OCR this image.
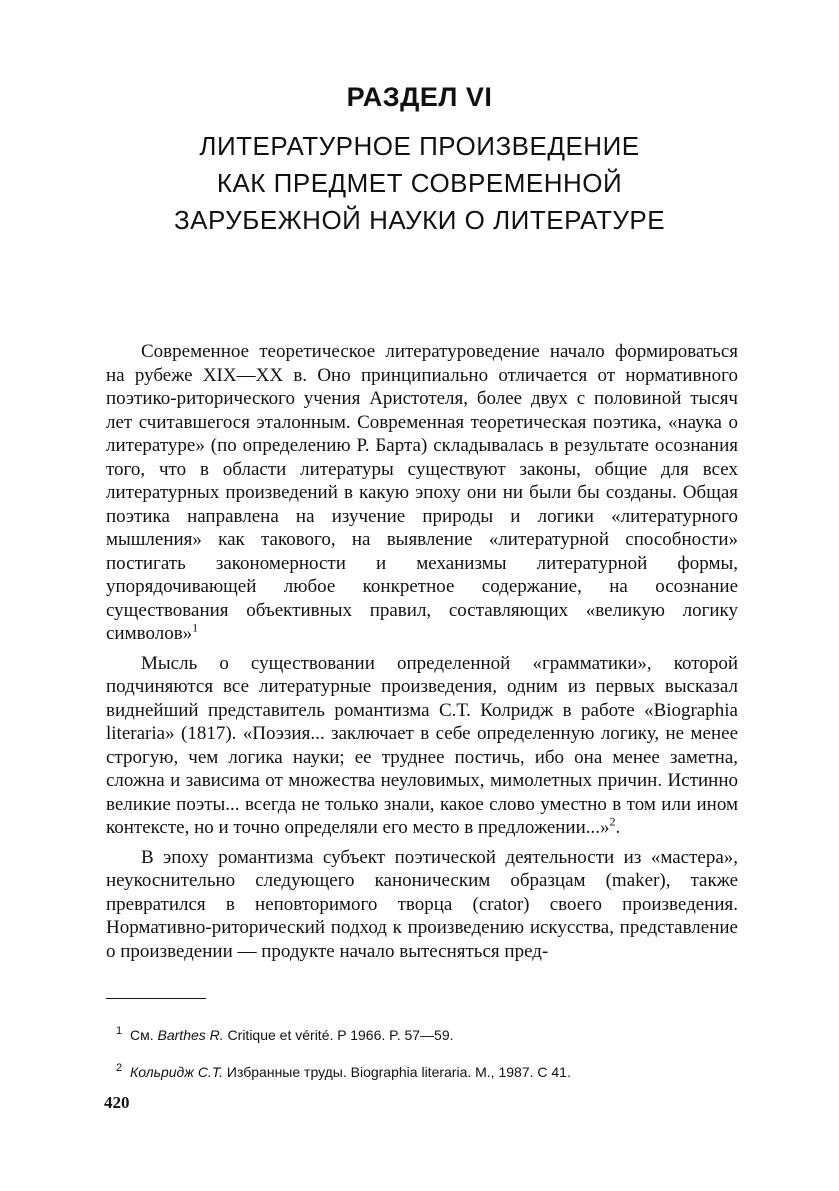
РАЗДЕЛ VI
ЛИТЕРАТУРНОЕ ПРОИЗВЕДЕНИЕ
КАК ПРЕДМЕТ СОВРЕМЕННОЙ
ЗАРУБЕЖНОЙ НАУКИ О ЛИТЕРАТУРЕ

Современное теоретическое литературоведение начало формироваться на рубеже XIX—XX в. Оно принципиально отличается от нормативного поэтико-риторического учения Аристотеля, более двух с половиной тысяч лет считавшегося эталонным. Современная теоретическая поэтика, «наука о литературе» (по определению Р. Барта) складывалась в результате осознания того, что в области литературы существуют законы, общие для всех литературных произведений в какую эпоху они ни были бы созданы. Общая поэтика направлена на изучение природы и логики «литературного мышления» как такового, на выявление «литературной способности» постигать закономерности и механизмы литературной формы, упорядочивающей любое конкретное содержание, на осознание существования объективных правил, составляющих «великую логику символов»$^1$

Мысль о существовании определенной «грамматики», которой подчиняются все литературные произведения, одним из первых высказал виднейший представитель романтизма С.Т. Колридж в работе «Biographia literaria» (1817). «Поэзия... заключает в себе определенную логику, не менее строгую, чем логика науки; ее труднее постичь, ибо она менее заметна, сложна и зависима от множества неуловимых, мимолетных причин. Истинно великие поэты... всегда не только знали, какое слово уместно в том или ином контексте, но и точно определяли его место в предложении...»$^2$.

В эпоху романтизма субъект поэтической деятельности из «мастера», неукоснительно следующего каноническим образцам (maker), также превратился в неповторимого творца (crator) своего произведения. Нормативно-риторический подход к произведению искусства, представление о произведении — продукте начало вытесняться пред-

1 См. Barthes R. Critique et vérité. P 1966. P. 57—59.
2 Кольридж С.Т. Избранные труды. Biographia literaria. M., 1987. С 41.
420
